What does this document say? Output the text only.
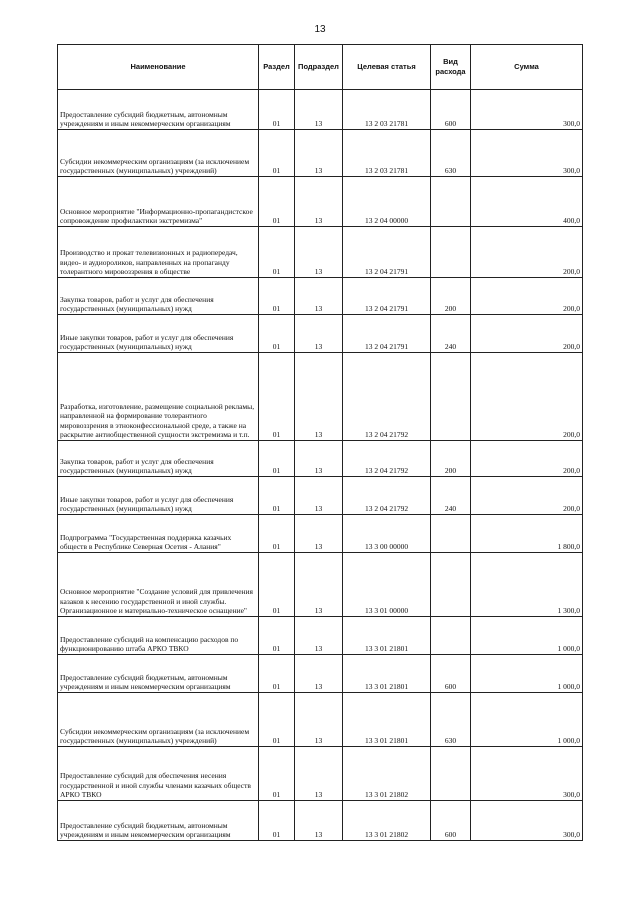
13
Наименование	Раздел	Подраздел	Целевая статья	Вид расхода	Сумма
Предоставление субсидий бюджетным, автономным учреждениям и иным некоммерческим организациям	01	13	13 2 03 21781	600	300,0
Субсидии некоммерческим организациям (за исключением государственных (муниципальных) учреждений)	01	13	13 2 03 21781	630	300,0
Основное мероприятие "Информационно-пропагандистское сопровождение профилактики экстремизма"	01	13	13 2 04 00000		400,0
Производство и прокат телевизионных и радиопередач, видео- и аудиороликов, направленных на пропаганду толерантного мировоззрения в обществе	01	13	13 2 04 21791		200,0
Закупка товаров, работ и услуг для обеспечения государственных (муниципальных) нужд	01	13	13 2 04 21791	200	200,0
Иные закупки товаров, работ и услуг для обеспечения государственных (муниципальных) нужд	01	13	13 2 04 21791	240	200,0
Разработка, изготовление, размещение социальной рекламы, направленной на формирование толерантного мировоззрения в этноконфессиональной среде, а также на раскрытие антиобщественной сущности экстремизма и т.п.	01	13	13 2 04 21792		200,0
Закупка товаров, работ и услуг для обеспечения государственных (муниципальных) нужд	01	13	13 2 04 21792	200	200,0
Иные закупки товаров, работ и услуг для обеспечения государственных (муниципальных) нужд	01	13	13 2 04 21792	240	200,0
Подпрограмма "Государственная поддержка казачьих обществ в Республике Северная Осетия - Алания"	01	13	13 3 00 00000		1 800,0
Основное мероприятие "Создание условий для привлечения казаков к несению государственной и иной службы. Организационное и материально-техническое оснащение"	01	13	13 3 01 00000		1 300,0
Предоставление субсидий на компенсацию расходов по функционированию штаба АРКО ТВКО	01	13	13 3 01 21801		1 000,0
Предоставление субсидий бюджетным, автономным учреждениям и иным некоммерческим организациям	01	13	13 3 01 21801	600	1 000,0
Субсидии некоммерческим организациям (за исключением государственных (муниципальных) учреждений)	01	13	13 3 01 21801	630	1 000,0
Предоставление субсидий для обеспечения несения государственной и иной службы членами казачьих обществ АРКО ТВКО	01	13	13 3 01 21802		300,0
Предоставление субсидий бюджетным, автономным учреждениям и иным некоммерческим организациям	01	13	13 3 01 21802	600	300,0
